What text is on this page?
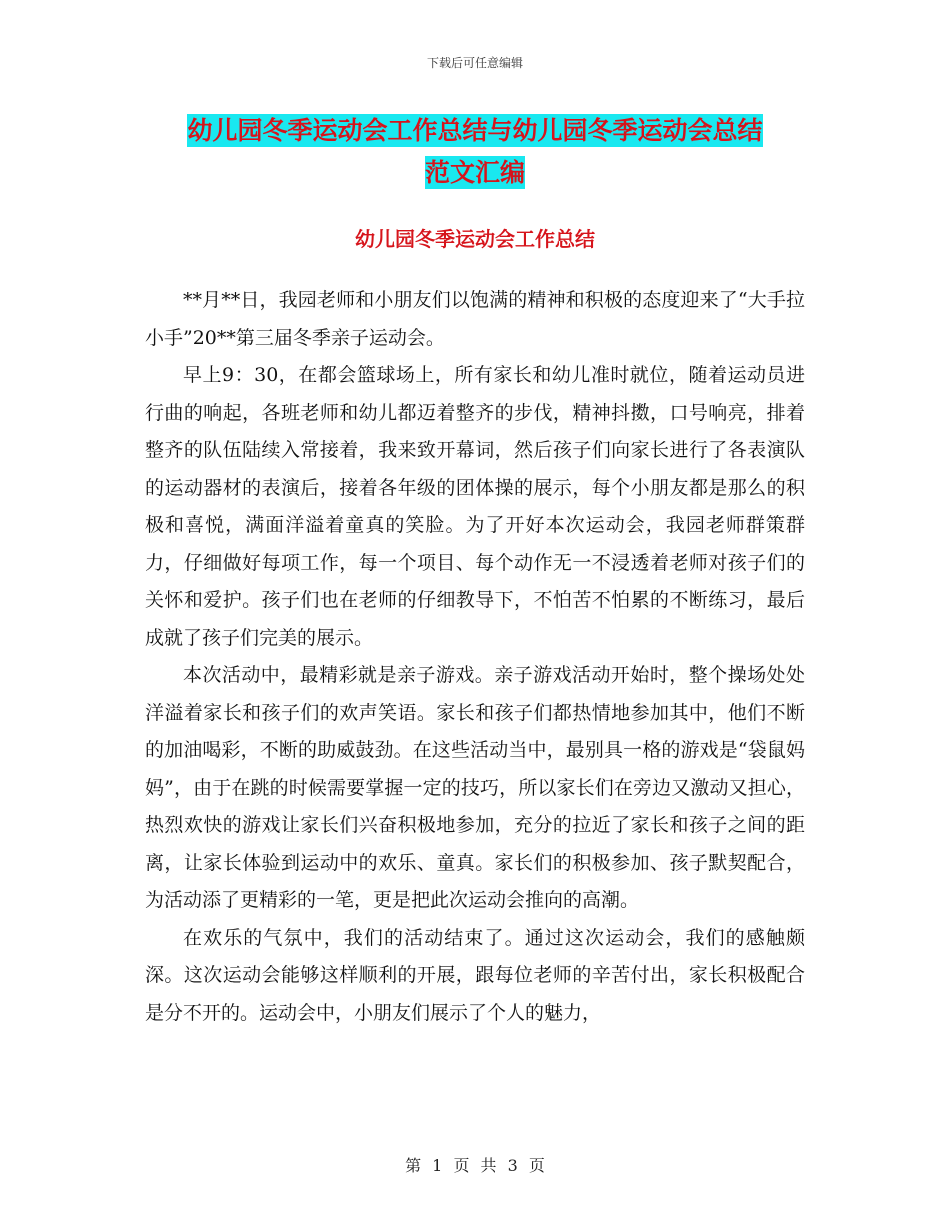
下载后可任意编辑
幼儿园冬季运动会工作总结与幼儿园冬季运动会总结
范文汇编
幼儿园冬季运动会工作总结

**月**日，我园老师和小朋友们以饱满的精神和积极的态度迎来了“大手拉小手”20**第三届冬季亲子运动会。

早上9：30，在都会篮球场上，所有家长和幼儿准时就位，随着运动员进行曲的响起，各班老师和幼儿都迈着整齐的步伐，精神抖擞，口号响亮，排着整齐的队伍陆续入常接着，我来致开幕词，然后孩子们向家长进行了各表演队的运动器材的表演后，接着各年级的团体操的展示，每个小朋友都是那么的积极和喜悦，满面洋溢着童真的笑脸。为了开好本次运动会，我园老师群策群力，仔细做好每项工作，每一个项目、每个动作无一不浸透着老师对孩子们的关怀和爱护。孩子们也在老师的仔细教导下，不怕苦不怕累的不断练习，最后成就了孩子们完美的展示。

本次活动中，最精彩就是亲子游戏。亲子游戏活动开始时，整个操场处处洋溢着家长和孩子们的欢声笑语。家长和孩子们都热情地参加其中，他们不断的加油喝彩，不断的助威鼓劲。在这些活动当中，最别具一格的游戏是“袋鼠妈妈”，由于在跳的时候需要掌握一定的技巧，所以家长们在旁边又激动又担心，热烈欢快的游戏让家长们兴奋积极地参加，充分的拉近了家长和孩子之间的距离，让家长体验到运动中的欢乐、童真。家长们的积极参加、孩子默契配合，为活动添了更精彩的一笔，更是把此次运动会推向的高潮。

在欢乐的气氛中，我们的活动结束了。通过这次运动会，我们的感触颇深。这次运动会能够这样顺利的开展，跟每位老师的辛苦付出，家长积极配合是分不开的。运动会中，小朋友们展示了个人的魅力，

第 1 页 共 3 页
